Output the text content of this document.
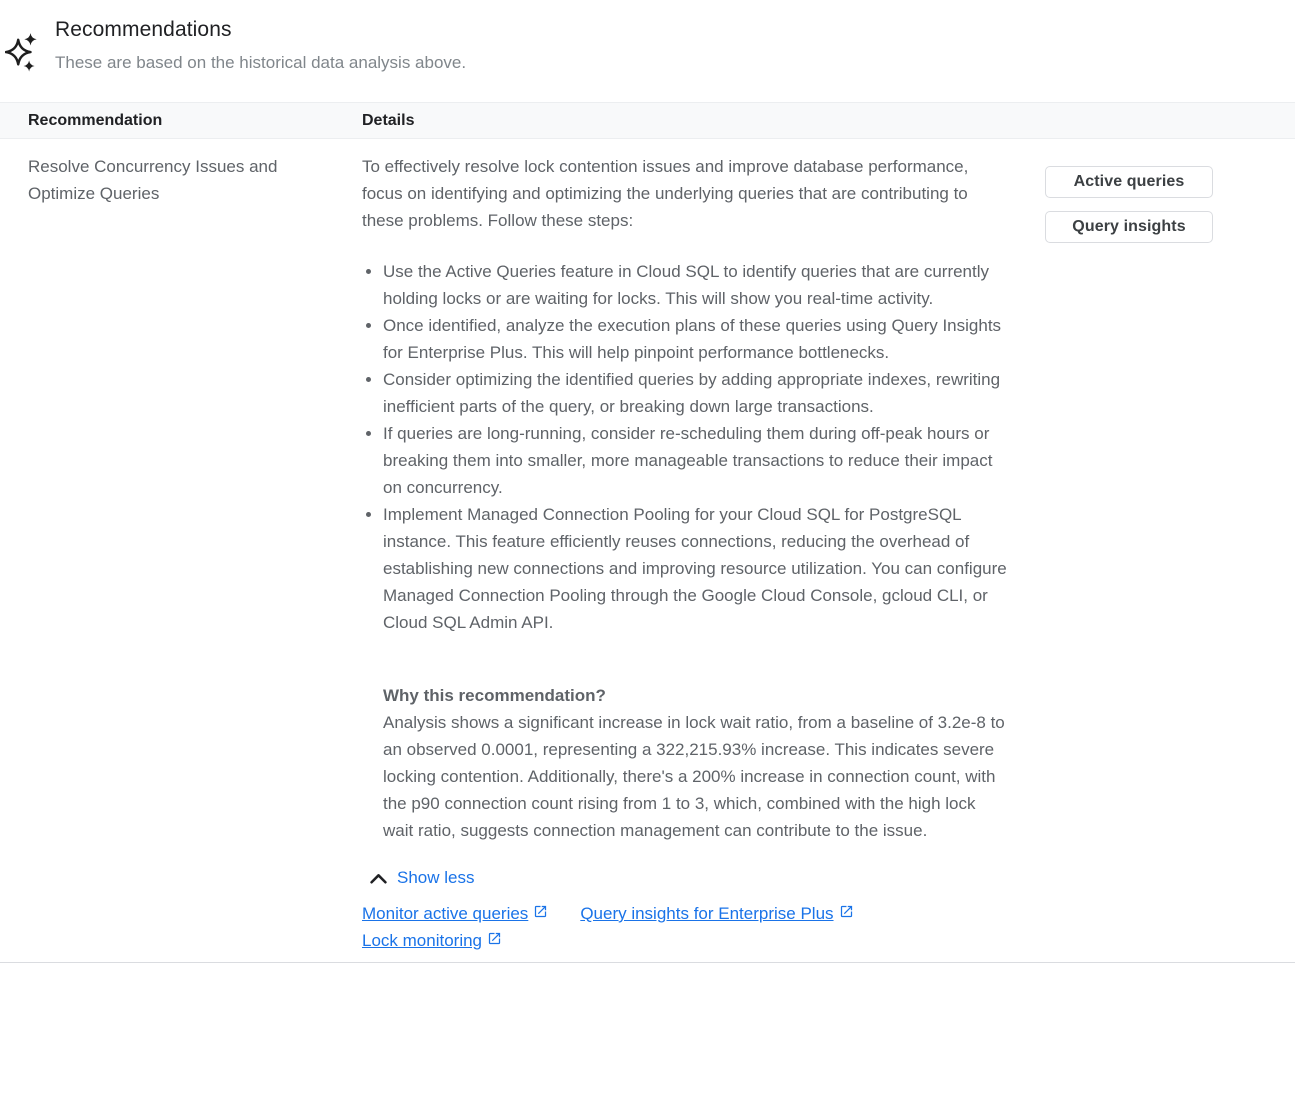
Recommendations

These are based on the historical data analysis above.

Recommendation	Details
Resolve Concurrency Issues and Optimize Queries

To effectively resolve lock contention issues and improve database performance, focus on identifying and optimizing the underlying queries that are contributing to these problems. Follow these steps:

• Use the Active Queries feature in Cloud SQL to identify queries that are currently holding locks or are waiting for locks. This will show you real-time activity.
• Once identified, analyze the execution plans of these queries using Query Insights for Enterprise Plus. This will help pinpoint performance bottlenecks.
• Consider optimizing the identified queries by adding appropriate indexes, rewriting inefficient parts of the query, or breaking down large transactions.
• If queries are long-running, consider re-scheduling them during off-peak hours or breaking them into smaller, more manageable transactions to reduce their impact on concurrency.
• Implement Managed Connection Pooling for your Cloud SQL for PostgreSQL instance. This feature efficiently reuses connections, reducing the overhead of establishing new connections and improving resource utilization. You can configure Managed Connection Pooling through the Google Cloud Console, gcloud CLI, or Cloud SQL Admin API.

Why this recommendation?

Analysis shows a significant increase in lock wait ratio, from a baseline of 3.2e-8 to an observed 0.0001, representing a 322,215.93% increase. This indicates severe locking contention. Additionally, there's a 200% increase in connection count, with the p90 connection count rising from 1 to 3, which, combined with the high lock wait ratio, suggests connection management can contribute to the issue.

Show less
Monitor active queries	Query insights for Enterprise Plus
Lock monitoring
Active queries
Query insights
